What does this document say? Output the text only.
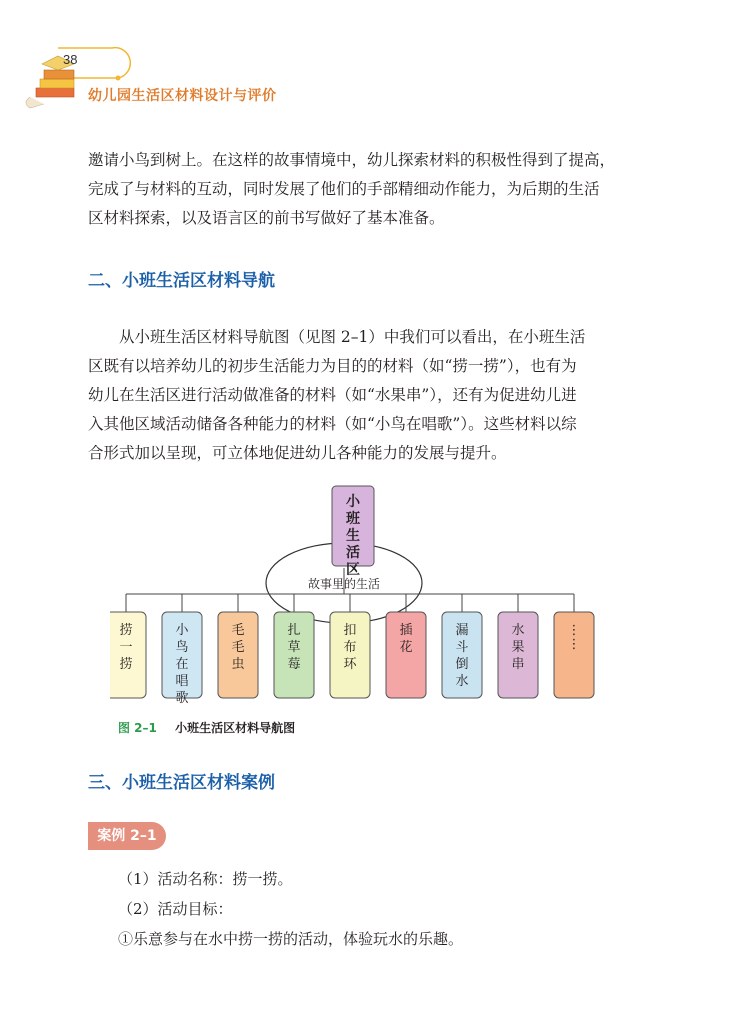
38
幼儿园生活区材料设计与评价
邀请小鸟到树上。在这样的故事情境中，幼儿探索材料的积极性得到了提高，
完成了与材料的互动，同时发展了他们的手部精细动作能力，为后期的生活
区材料探索，以及语言区的前书写做好了基本准备。
二、小班生活区材料导航
从小班生活区材料导航图（见图 2–1）中我们可以看出，在小班生活
区既有以培养幼儿的初步生活能力为目的的材料（如“捞一捞”），也有为
幼儿在生活区进行活动做准备的材料（如“水果串”），还有为促进幼儿进
入其他区域活动储备各种能力的材料（如“小鸟在唱歌”）。这些材料以综
合形式加以呈现，可立体地促进幼儿各种能力的发展与提升。
故事里的生活
捞一捞
小鸟在唱歌
毛毛虫
扎草莓
扣布环
插花
漏斗倒水
水果串
⋮ ⋮
小班生活区
图 2–1 小班生活区材料导航图
三、小班生活区材料案例
案例 2–1
（1）活动名称：捞一捞。
（2）活动目标：
①乐意参与在水中捞一捞的活动，体验玩水的乐趣。
